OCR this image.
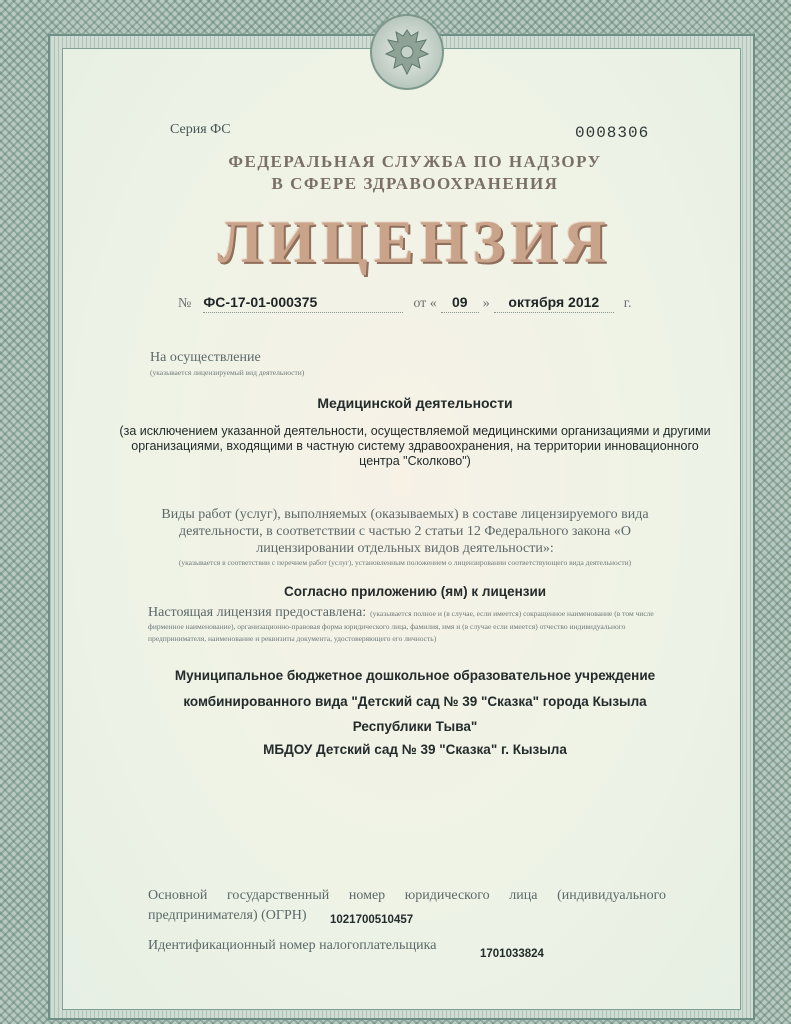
Серия ФС	0008306
ФЕДЕРАЛЬНАЯ СЛУЖБА ПО НАДЗОРУ
В СФЕРЕ ЗДРАВООХРАНЕНИЯ
ЛИЦЕНЗИЯ
№ ФС-17-01-000375	от « 09 » октября 2012 г.
На осуществление
(указывается лицензируемый вид деятельности)
Медицинской деятельности
(за исключением указанной деятельности, осуществляемой медицинскими организациями и другими организациями, входящими в частную систему здравоохранения, на территории инновационного центра "Сколково")
Виды работ (услуг), выполняемых (оказываемых) в составе лицензируемого вида деятельности, в соответствии с частью 2 статьи 12 Федерального закона «О лицензировании отдельных видов деятельности»:
(указывается в соответствии с перечнем работ (услуг), установленным положением о лицензировании соответствующего вида деятельности)
Согласно приложению (ям) к лицензии
Настоящая лицензия предоставлена: (указывается полное и (в случае, если имеется) сокращенное наименование (в том числе фирменное наименование), организационно-правовая форма юридического лица, фамилия, имя и (в случае если имеется) отчество индивидуального предпринимателя, наименование и реквизиты документа, удостоверяющего его личность)
Муниципальное бюджетное дошкольное образовательное учреждение
комбинированного вида "Детский сад № 39 "Сказка" города Кызыла
Республики Тыва"
МБДОУ Детский сад № 39 "Сказка" г. Кызыла
Основной государственный номер юридического лица (индивидуального предпринимателя) (ОГРН)	1021700510457
Идентификационный номер налогоплательщика
1701033824
